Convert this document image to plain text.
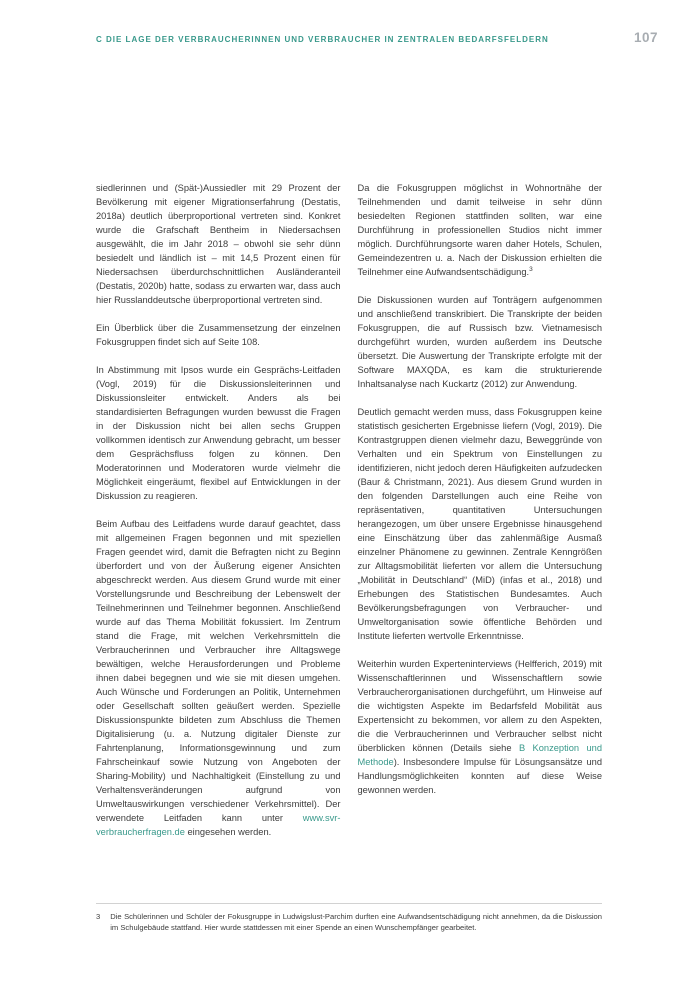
C DIE LAGE DER VERBRAUCHERINNEN UND VERBRAUCHER IN ZENTRALEN BEDARFSFELDERN	107

siedlerinnen und (Spät-)Aussiedler mit 29 Prozent der Bevölkerung mit eigener Migrationserfahrung (Destatis, 2018a) deutlich überproportional vertreten sind. Konkret wurde die Grafschaft Bentheim in Niedersachsen ausgewählt, die im Jahr 2018 – obwohl sie sehr dünn besiedelt und ländlich ist – mit 14,5 Prozent einen für Niedersachsen überdurchschnittlichen Ausländeranteil (Destatis, 2020b) hatte, sodass zu erwarten war, dass auch hier Russlanddeutsche überproportional vertreten sind.

Ein Überblick über die Zusammensetzung der einzelnen Fokusgruppen findet sich auf Seite 108.

In Abstimmung mit Ipsos wurde ein Gesprächs-Leitfaden (Vogl, 2019) für die Diskussionsleiterinnen und Diskussionsleiter entwickelt. Anders als bei standardisierten Befragungen wurden bewusst die Fragen in der Diskussion nicht bei allen sechs Gruppen vollkommen identisch zur Anwendung gebracht, um besser dem Gesprächsfluss folgen zu können. Den Moderatorinnen und Moderatoren wurde vielmehr die Möglichkeit eingeräumt, flexibel auf Entwicklungen in der Diskussion zu reagieren.

Beim Aufbau des Leitfadens wurde darauf geachtet, dass mit allgemeinen Fragen begonnen und mit speziellen Fragen geendet wird, damit die Befragten nicht zu Beginn überfordert und von der Äußerung eigener Ansichten abgeschreckt werden. Aus diesem Grund wurde mit einer Vorstellungsrunde und Beschreibung der Lebenswelt der Teilnehmerinnen und Teilnehmer begonnen. Anschließend wurde auf das Thema Mobilität fokussiert. Im Zentrum stand die Frage, mit welchen Verkehrsmitteln die Verbraucherinnen und Verbraucher ihre Alltagswege bewältigen, welche Herausforderungen und Probleme ihnen dabei begegnen und wie sie mit diesen umgehen. Auch Wünsche und Forderungen an Politik, Unternehmen oder Gesellschaft sollten geäußert werden. Spezielle Diskussionspunkte bildeten zum Abschluss die Themen Digitalisierung (u. a. Nutzung digitaler Dienste zur Fahrtenplanung, Informationsgewinnung und zum Fahrscheinkauf sowie Nutzung von Angeboten der Sharing-Mobility) und Nachhaltigkeit (Einstellung zu und Verhaltensveränderungen aufgrund von Umweltauswirkungen verschiedener Verkehrsmittel). Der verwendete Leitfaden kann unter www.svr-verbraucherfragen.de eingesehen werden.

Da die Fokusgruppen möglichst in Wohnortnähe der Teilnehmenden und damit teilweise in sehr dünn besiedelten Regionen stattfinden sollten, war eine Durchführung in professionellen Studios nicht immer möglich. Durchführungsorte waren daher Hotels, Schulen, Gemeindezentren u. a. Nach der Diskussion erhielten die Teilnehmer eine Aufwandsentschädigung.$^3$

Die Diskussionen wurden auf Tonträgern aufgenommen und anschließend transkribiert. Die Transkripte der beiden Fokusgruppen, die auf Russisch bzw. Vietnamesisch durchgeführt wurden, wurden außerdem ins Deutsche übersetzt. Die Auswertung der Transkripte erfolgte mit der Software MAXQDA, es kam die strukturierende Inhaltsanalyse nach Kuckartz (2012) zur Anwendung.

Deutlich gemacht werden muss, dass Fokusgruppen keine statistisch gesicherten Ergebnisse liefern (Vogl, 2019). Die Kontrastgruppen dienen vielmehr dazu, Beweggründe von Verhalten und ein Spektrum von Einstellungen zu identifizieren, nicht jedoch deren Häufigkeiten aufzudecken (Baur & Christmann, 2021). Aus diesem Grund wurden in den folgenden Darstellungen auch eine Reihe von repräsentativen, quantitativen Untersuchungen herangezogen, um über unsere Ergebnisse hinausgehend eine Einschätzung über das zahlenmäßige Ausmaß einzelner Phänomene zu gewinnen. Zentrale Kenngrößen zur Alltagsmobilität lieferten vor allem die Untersuchung „Mobilität in Deutschland“ (MiD) (infas et al., 2018) und Erhebungen des Statistischen Bundesamtes. Auch Bevölkerungsbefragungen von Verbraucher- und Umweltorganisation sowie öffentliche Behörden und Institute lieferten wertvolle Erkenntnisse.

Weiterhin wurden Experteninterviews (Helfferich, 2019) mit Wissenschaftlerinnen und Wissenschaftlern sowie Verbraucherorganisationen durchgeführt, um Hinweise auf die wichtigsten Aspekte im Bedarfsfeld Mobilität aus Expertensicht zu bekommen, vor allem zu den Aspekten, die die Verbraucherinnen und Verbraucher selbst nicht überblicken können (Details siehe B Konzeption und Methode). Insbesondere Impulse für Lösungsansätze und Handlungsmöglichkeiten konnten auf diese Weise gewonnen werden.

3 Die Schülerinnen und Schüler der Fokusgruppe in Ludwigslust-Parchim durften eine Aufwandsentschädigung nicht annehmen, da die Diskussion im Schulgebäude stattfand. Hier wurde stattdessen mit einer Spende an einen Wunschempfänger gearbeitet.
